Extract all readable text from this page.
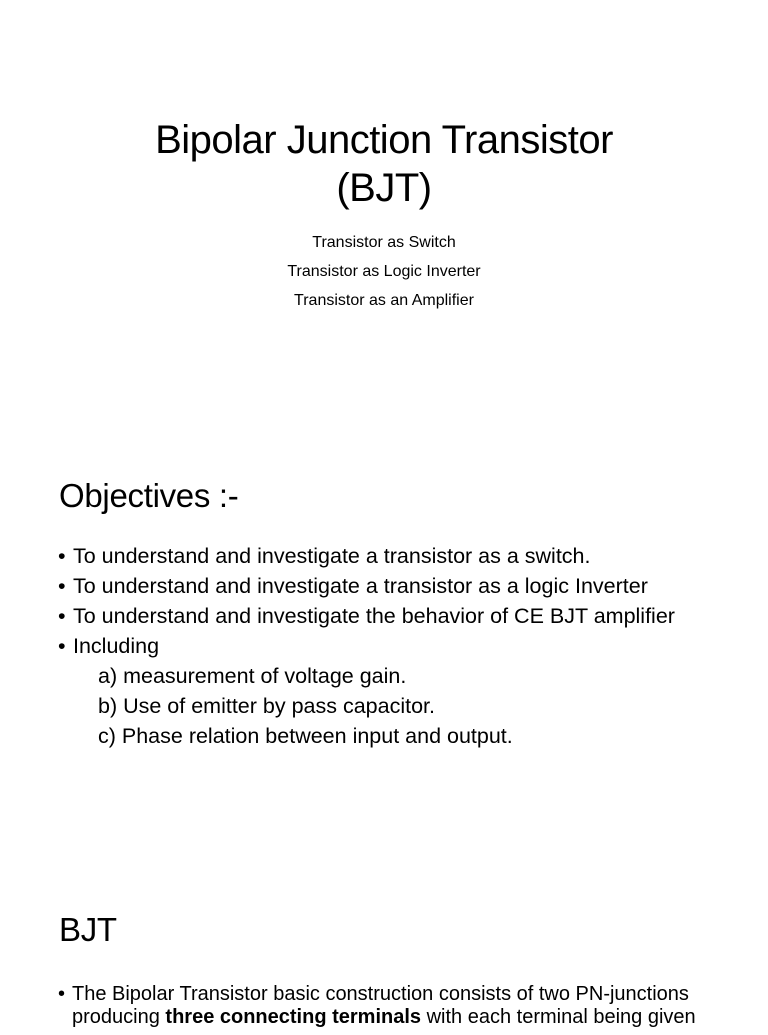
Bipolar Junction Transistor
(BJT)
Transistor as Switch
Transistor as Logic Inverter
Transistor as an Amplifier
Objectives :-
• To understand and investigate a transistor as a switch.
• To understand and investigate a transistor as a logic Inverter
• To understand and investigate the behavior of CE BJT amplifier
• Including
a) measurement of voltage gain.
b) Use of emitter by pass capacitor.
c) Phase relation between input and output.
BJT
• The Bipolar Transistor basic construction consists of two PN-junctions producing three connecting terminals with each terminal being given
